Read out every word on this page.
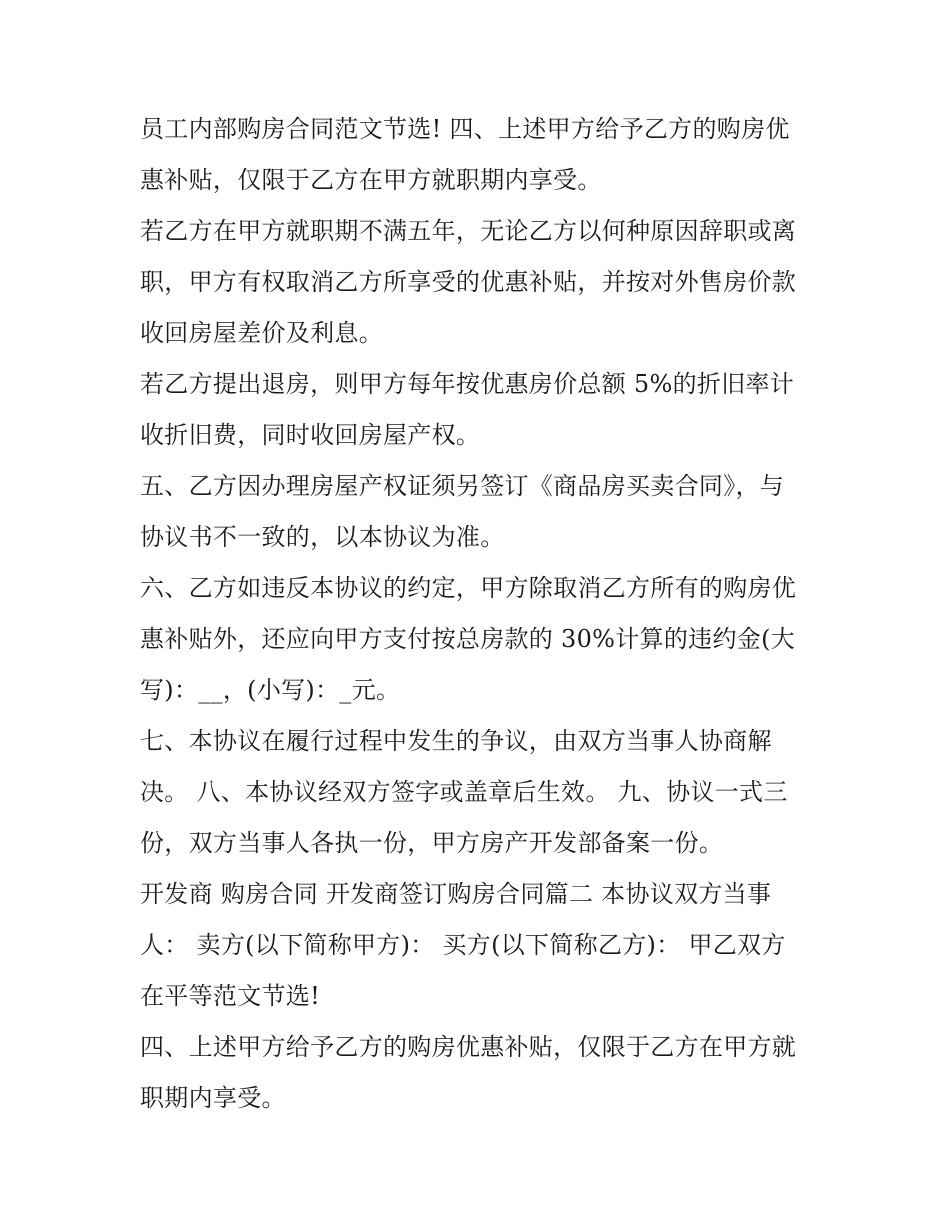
员工内部购房合同范文节选! 四、上述甲方给予乙方的购房优

惠补贴，仅限于乙方在甲方就职期内享受。

若乙方在甲方就职期不满五年，无论乙方以何种原因辞职或离

职，甲方有权取消乙方所享受的优惠补贴，并按对外售房价款

收回房屋差价及利息。

若乙方提出退房，则甲方每年按优惠房价总额 5%的折旧率计

收折旧费，同时收回房屋产权。

五、乙方因办理房屋产权证须另签订《商品房买卖合同》，与

协议书不一致的，以本协议为准。

六、乙方如违反本协议的约定，甲方除取消乙方所有的购房优

惠补贴外，还应向甲方支付按总房款的 30%计算的违约金(大

写)：__，(小写)：_元。

七、本协议在履行过程中发生的争议，由双方当事人协商解

决。 八、本协议经双方签字或盖章后生效。 九、协议一式三

份，双方当事人各执一份，甲方房产开发部备案一份。

开发商 购房合同 开发商签订购房合同篇二 本协议双方当事

人： 卖方(以下简称甲方)： 买方(以下简称乙方)： 甲乙双方

在平等范文节选!

四、上述甲方给予乙方的购房优惠补贴，仅限于乙方在甲方就

职期内享受。
